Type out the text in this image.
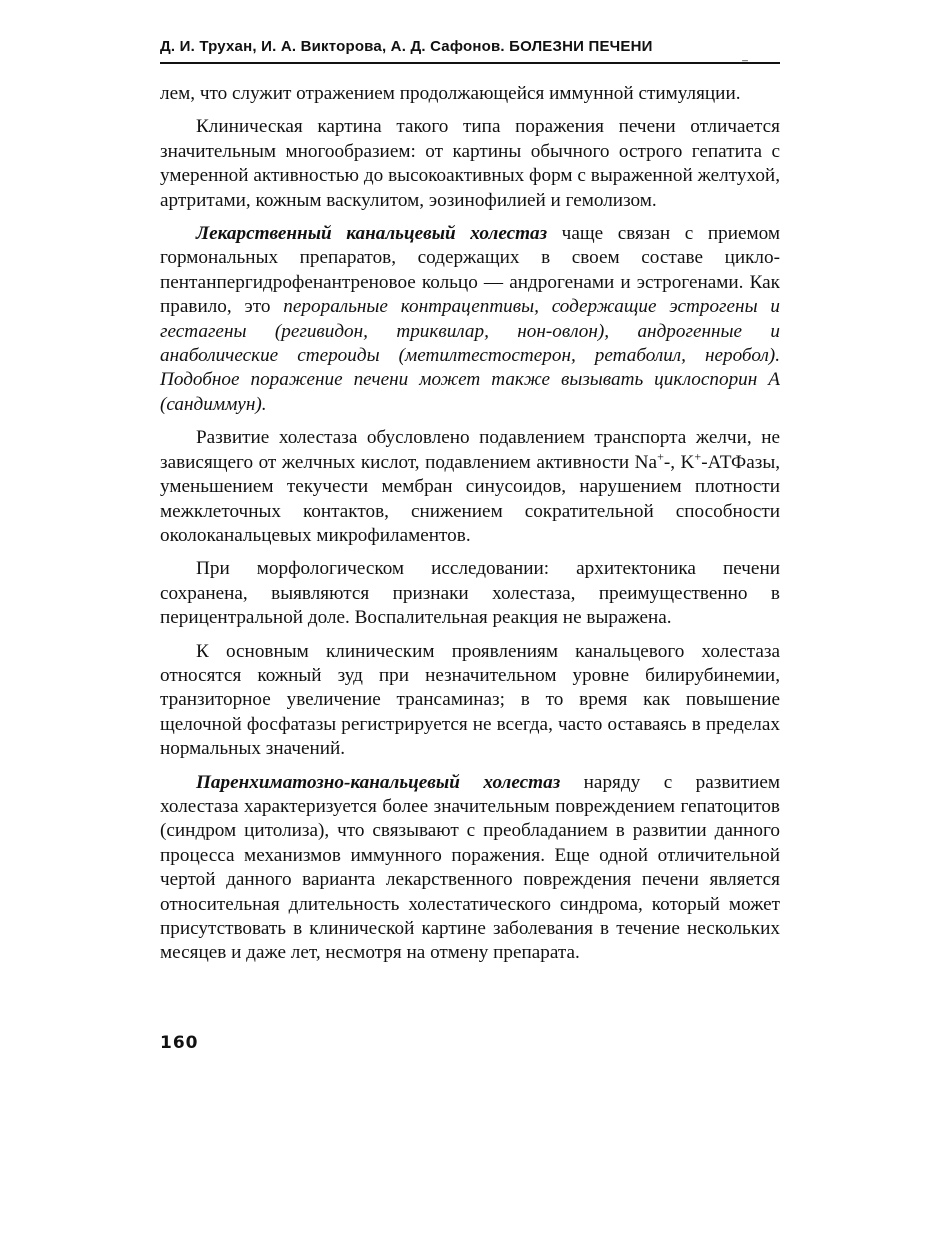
Д. И. Трухан, И. А. Викторова, А. Д. Сафонов. БОЛЕЗНИ ПЕЧЕНИ
_

лем, что служит отражением продолжающейся иммунной стимуляции.

Клиническая картина такого типа поражения печени отличается значительным многообразием: от картины обычного острого гепатита с умеренной активностью до высокоактивных форм с выраженной желтухой, артритами, кожным васкулитом, эозинофилией и гемолизом.

Лекарственный канальцевый холестаз чаще связан с приемом гормональных препаратов, содержащих в своем составе циклопентанпергидрофенантреновое кольцо — андрогенами и эстрогенами. Как правило, это пероральные контрацептивы, содержащие эстрогены и гестагены (регивидон, триквилар, нон-овлон), андрогенные и анаболические стероиды (метилтестостерон, ретаболил, неробол). Подобное поражение печени может также вызывать циклоспорин А (сандиммун).

Развитие холестаза обусловлено подавлением транспорта желчи, не зависящего от желчных кислот, подавлением активности Na+-, K+-АТФазы, уменьшением текучести мембран синусоидов, нарушением плотности межклеточных контактов, снижением сократительной способности околоканальцевых микрофиламентов.

При морфологическом исследовании: архитектоника печени сохранена, выявляются признаки холестаза, преимущественно в перицентральной доле. Воспалительная реакция не выражена.

К основным клиническим проявлениям канальцевого холестаза относятся кожный зуд при незначительном уровне билирубинемии, транзиторное увеличение трансаминаз; в то время как повышение щелочной фосфатазы регистрируется не всегда, часто оставаясь в пределах нормальных значений.

Паренхиматозно-канальцевый холестаз наряду с развитием холестаза характеризуется более значительным повреждением гепатоцитов (синдром цитолиза), что связывают с преобладанием в развитии данного процесса механизмов иммунного поражения. Еще одной отличительной чертой данного варианта лекарственного повреждения печени является относительная длительность холестатического синдрома, который может присутствовать в клинической картине заболевания в течение нескольких месяцев и даже лет, несмотря на отмену препарата.

160
